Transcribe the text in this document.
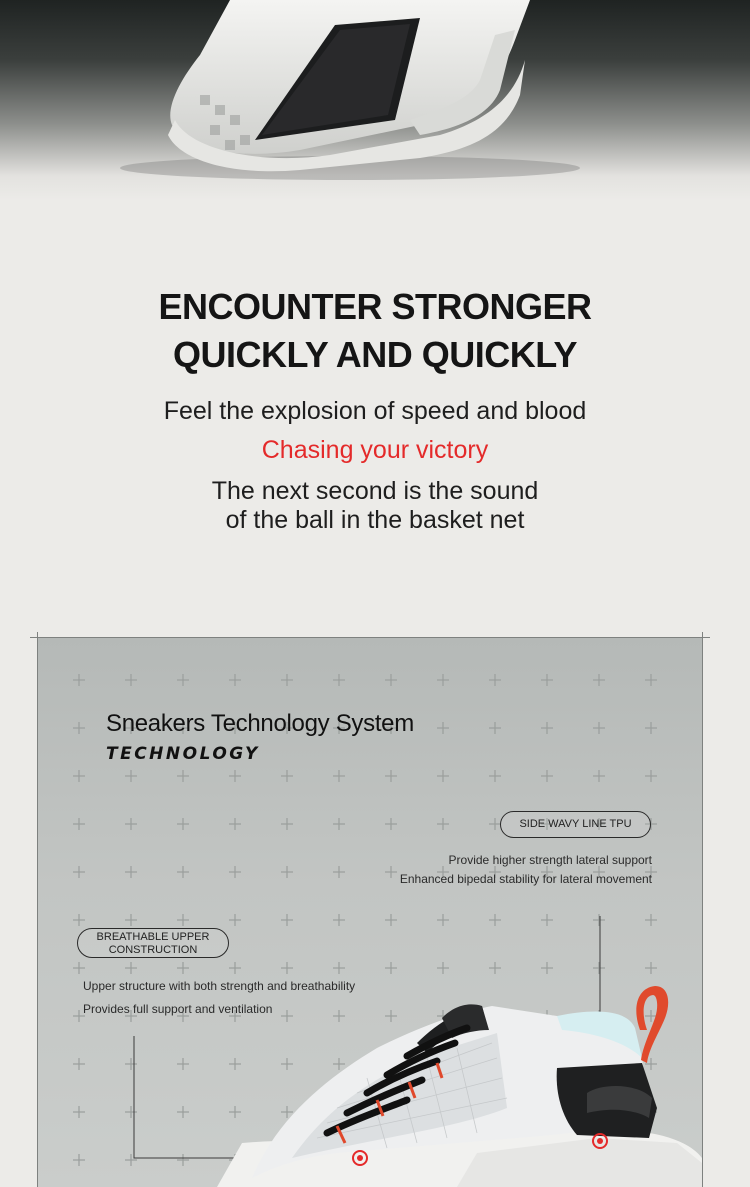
ENCOUNTER STRONGER
QUICKLY AND QUICKLY
Feel the explosion of speed and blood
Chasing your victory
The next second is the sound
of the ball in the basket net
Sneakers Technology System
TECHNOLOGY
SIDE WAVY LINE TPU
Provide higher strength lateral support
Enhanced bipedal stability for lateral movement
BREATHABLE UPPER
CONSTRUCTION
Upper structure with both strength and breathability
Provides full support and ventilation
